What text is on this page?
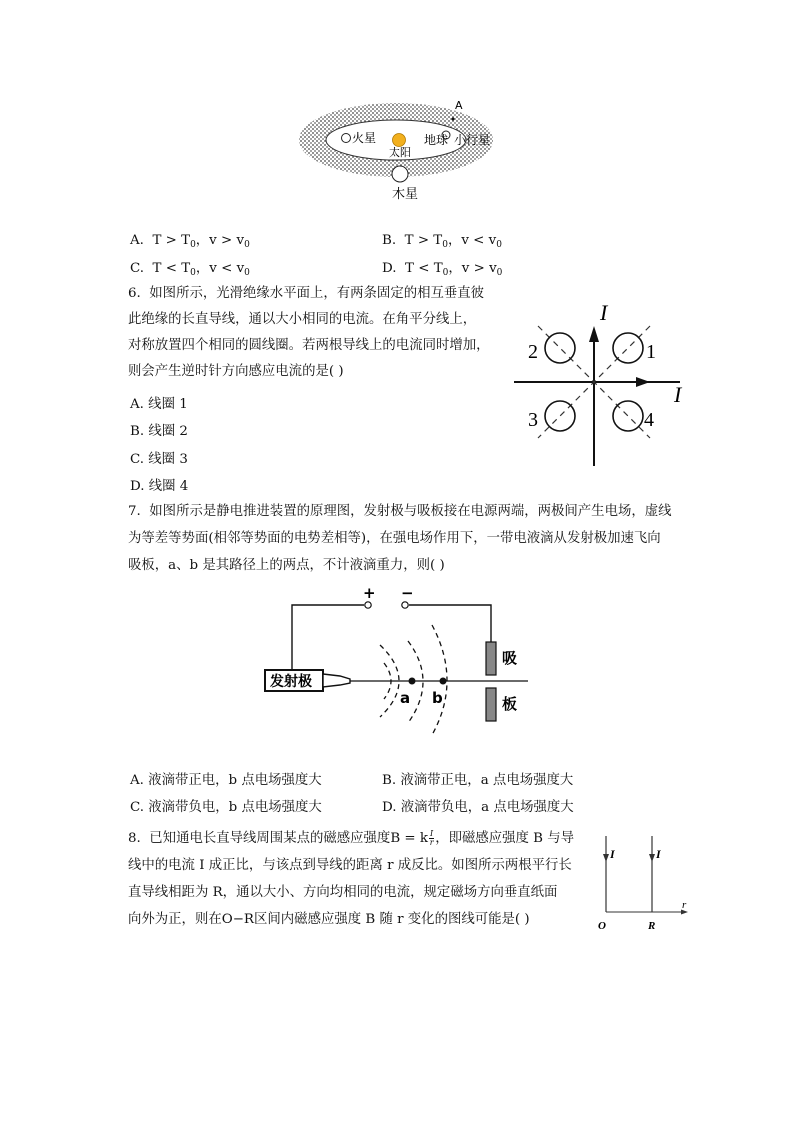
A
火星
太阳
地球 小行星
木星
A. $T > T_0$，$v > v_0$	B. $T > T_0$，$v < v_0$
C. $T < T_0$，$v < v_0$	D. $T < T_0$，$v > v_0$
6. 如图所示，光滑绝缘水平面上，有两条固定的相互垂直彼
此绝缘的长直导线，通以大小相同的电流。在角平分线上，
对称放置四个相同的圆线圈。若两根导线上的电流同时增加，
则会产生逆时针方向感应电流的是( )
A. 线圈 1
B. 线圈 2
C. 线圈 3
D. 线圈 4
I
I
1
2
3	4
7. 如图所示是静电推进装置的原理图，发射极与吸板接在电源两端，两极间产生电场，虚线
为等差等势面(相邻等势面的电势差相等)，在强电场作用下，一带电液滴从发射极加速飞向
吸板，a、b 是其路径上的两点，不计液滴重力，则( )
+ −
发射极
吸
板
a b
A. 液滴带正电，b 点电场强度大	B. 液滴带正电，a 点电场强度大
C. 液滴带负电，b 点电场强度大	D. 液滴带负电，a 点电场强度大
8. 已知通电长直导线周围某点的磁感应强度B = k $\frac{I}{r}$ ，即磁感应强度 B 与导
线中的电流 I 成正比，与该点到导线的距离 r 成反比。如图所示两根平行长
直导线相距为 R，通以大小、方向均相同的电流，规定磁场方向垂直纸面
向外为正，则在O−R区间内磁感应强度 B 随 r 变化的图线可能是( )
I	I
O	R
r
